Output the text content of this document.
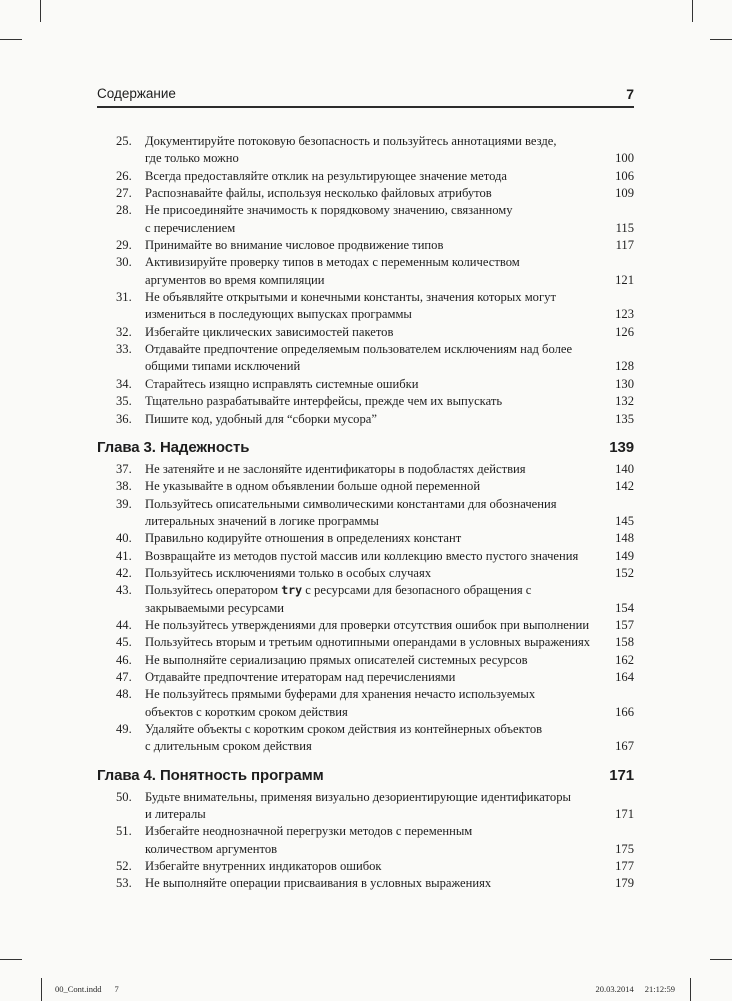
Содержание	7
25.	Документируйте потоковую безопасность и пользуйтесь аннотациями везде,
где только можно	100
26.	Всегда предоставляйте отклик на результирующее значение метода	106
27.	Распознавайте файлы, используя несколько файловых атрибутов	109
28.	Не присоединяйте значимость к порядковому значению, связанному
с перечислением	115
29.	Принимайте во внимание числовое продвижение типов	117
30.	Активизируйте проверку типов в методах с переменным количеством
аргументов во время компиляции	121
31.	Не объявляйте открытыми и конечными константы, значения которых могут
измениться в последующих выпусках программы	123
32.	Избегайте циклических зависимостей пакетов	126
33.	Отдавайте предпочтение определяемым пользователем исключениям над более
общими типами исключений	128
34.	Старайтесь изящно исправлять системные ошибки	130
35.	Тщательно разрабатывайте интерфейсы, прежде чем их выпускать	132
36.	Пишите код, удобный для “сборки мусора”	135
Глава 3. Надежность	139
37.	Не затеняйте и не заслоняйте идентификаторы в подобластях действия	140
38.	Не указывайте в одном объявлении больше одной переменной	142
39.	Пользуйтесь описательными символическими константами для обозначения
литеральных значений в логике программы	145
40.	Правильно кодируйте отношения в определениях констант	148
41.	Возвращайте из методов пустой массив или коллекцию вместо пустого значения	149
42.	Пользуйтесь исключениями только в особых случаях	152
43.	Пользуйтесь оператором try с ресурсами для безопасного обращения с
закрываемыми ресурсами	154
44.	Не пользуйтесь утверждениями для проверки отсутствия ошибок при выполнении	157
45.	Пользуйтесь вторым и третьим однотипными операндами в условных выражениях	158
46.	Не выполняйте сериализацию прямых описателей системных ресурсов	162
47.	Отдавайте предпочтение итераторам над перечислениями	164
48.	Не пользуйтесь прямыми буферами для хранения нечасто используемых
объектов с коротким сроком действия	166
49.	Удаляйте объекты с коротким сроком действия из контейнерных объектов
с длительным сроком действия	167
Глава 4. Понятность программ	171
50.	Будьте внимательны, применяя визуально дезориентирующие идентификаторы
и литералы	171
51.	Избегайте неоднозначной перегрузки методов с переменным
количеством аргументов	175
52.	Избегайте внутренних индикаторов ошибок	177
53.	Не выполняйте операции присваивания в условных выражениях	179
00_Cont.indd 7	20.03.2014 21:12:59
